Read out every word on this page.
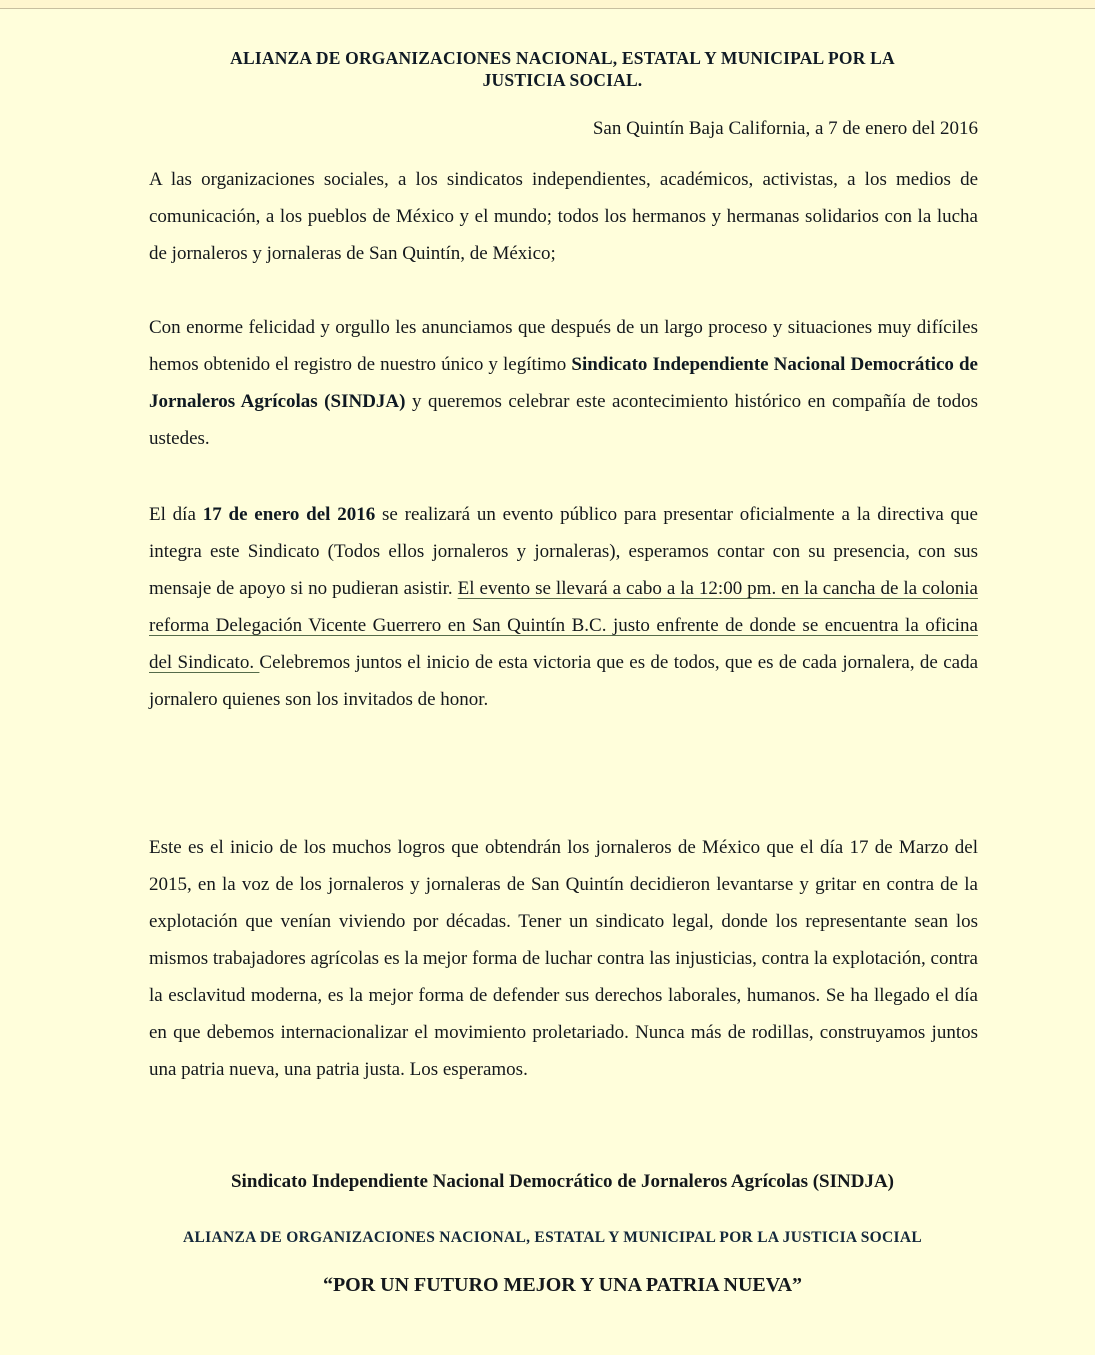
ALIANZA DE ORGANIZACIONES NACIONAL, ESTATAL Y MUNICIPAL POR LA
JUSTICIA SOCIAL.
San Quintín Baja California, a 7 de enero del 2016
A las organizaciones sociales, a los sindicatos independientes, académicos, activistas, a los medios de comunicación, a los pueblos de México y el mundo; todos los hermanos y hermanas solidarios con la lucha de jornaleros y jornaleras de San Quintín, de México;
Con enorme felicidad y orgullo les anunciamos que después de un largo proceso y situaciones muy difíciles hemos obtenido el registro de nuestro único y legítimo Sindicato Independiente Nacional Democrático de Jornaleros Agrícolas (SINDJA) y queremos celebrar este acontecimiento histórico en compañía de todos ustedes.
El día 17 de enero del 2016 se realizará un evento público para presentar oficialmente a la directiva que integra este Sindicato (Todos ellos jornaleros y jornaleras), esperamos contar con su presencia, con sus mensaje de apoyo si no pudieran asistir. El evento se llevará a cabo a la 12:00 pm. en la cancha de la colonia reforma Delegación Vicente Guerrero en San Quintín B.C. justo enfrente de donde se encuentra la oficina del Sindicato. Celebremos juntos el inicio de esta victoria que es de todos, que es de cada jornalera, de cada jornalero quienes son los invitados de honor.
Este es el inicio de los muchos logros que obtendrán los jornaleros de México que el día 17 de Marzo del 2015, en la voz de los jornaleros y jornaleras de San Quintín decidieron levantarse y gritar en contra de la explotación que venían viviendo por décadas. Tener un sindicato legal, donde los representante sean los mismos trabajadores agrícolas es la mejor forma de luchar contra las injusticias, contra la explotación, contra la esclavitud moderna, es la mejor forma de defender sus derechos laborales, humanos. Se ha llegado el día en que debemos internacionalizar el movimiento proletariado. Nunca más de rodillas, construyamos juntos una patria nueva, una patria justa. Los esperamos.
Sindicato Independiente Nacional Democrático de Jornaleros Agrícolas (SINDJA)
ALIANZA DE ORGANIZACIONES NACIONAL, ESTATAL Y MUNICIPAL POR LA JUSTICIA SOCIAL
“POR UN FUTURO MEJOR Y UNA PATRIA NUEVA”
